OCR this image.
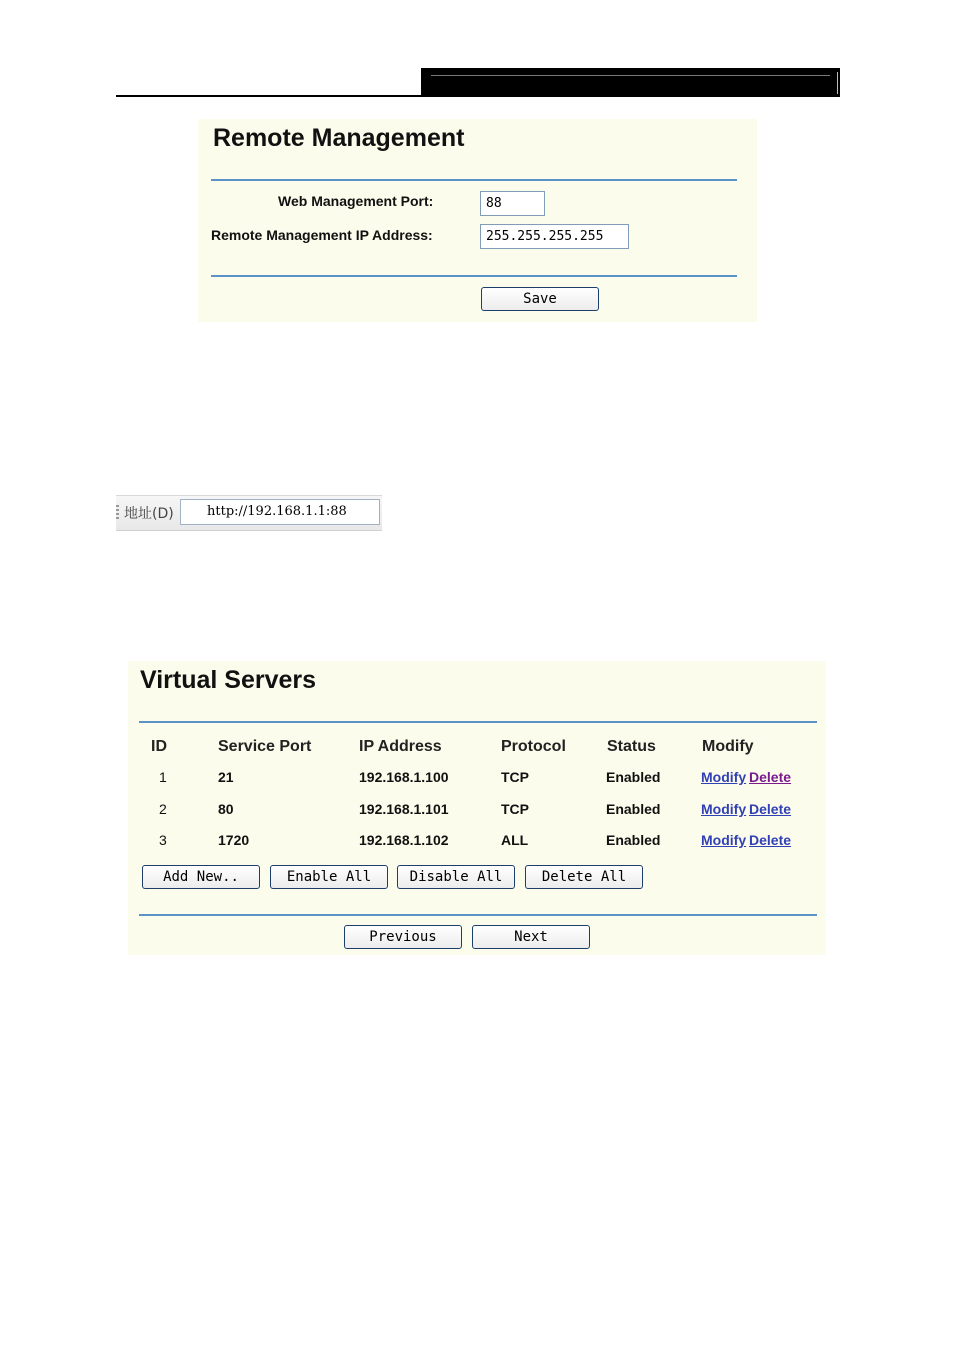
Remote Management
Web Management Port:	88
Remote Management IP Address:	255.255.255.255
Save
地址(D)	http://192.168.1.1:88
Virtual Servers
ID	Service Port	IP Address	Protocol	Status	Modify
1	21	192.168.1.100	TCP	Enabled	Modify Delete
2	80	192.168.1.101	TCP	Enabled	Modify Delete
3	1720	192.168.1.102	ALL	Enabled	Modify Delete
Add New..	Enable All	Disable All	Delete All
Previous	Next
